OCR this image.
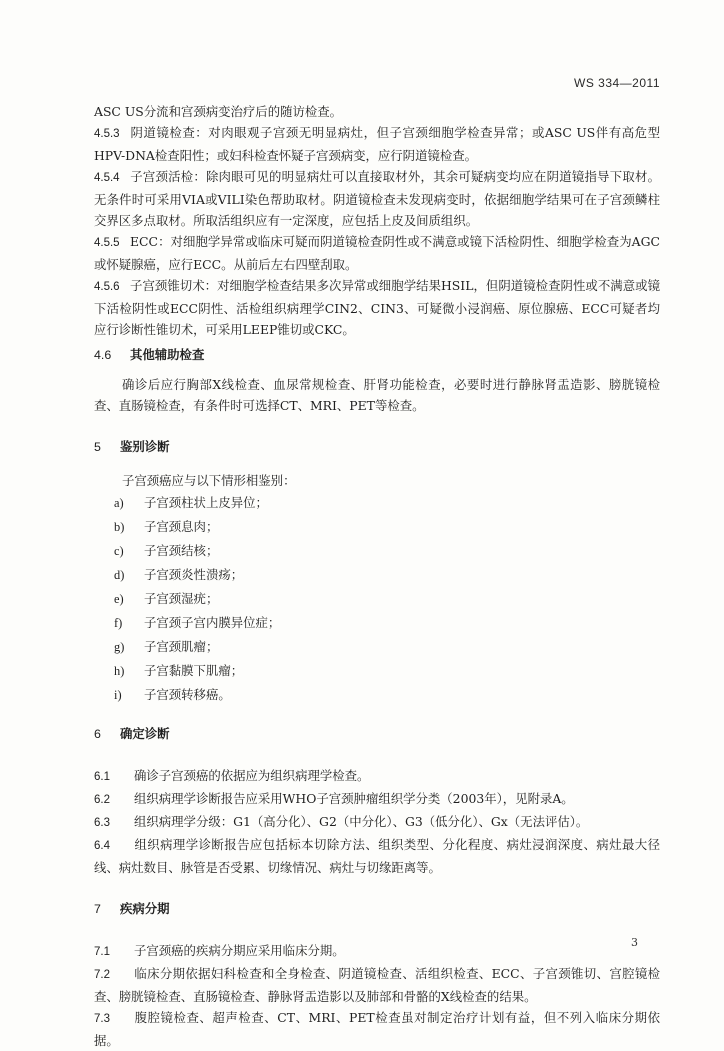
WS 334—2011

ASC US分流和宫颈病变治疗后的随访检查。

4.5.3 阴道镜检查：对肉眼观子宫颈无明显病灶，但子宫颈细胞学检查异常；或ASC US伴有高危型HPV-DNA检查阳性；或妇科检查怀疑子宫颈病变，应行阴道镜检查。

4.5.4 子宫颈活检：除肉眼可见的明显病灶可以直接取材外，其余可疑病变均应在阴道镜指导下取材。无条件时可采用VIA或VILI染色帮助取材。阴道镜检查未发现病变时，依据细胞学结果可在子宫颈鳞柱交界区多点取材。所取活组织应有一定深度，应包括上皮及间质组织。

4.5.5 ECC：对细胞学异常或临床可疑而阴道镜检查阴性或不满意或镜下活检阴性、细胞学检查为AGC或怀疑腺癌，应行ECC。从前后左右四壁刮取。

4.5.6 子宫颈锥切术：对细胞学检查结果多次异常或细胞学结果HSIL，但阴道镜检查阴性或不满意或镜下活检阴性或ECC阴性、活检组织病理学CIN2、CIN3、可疑微小浸润癌、原位腺癌、ECC可疑者均应行诊断性锥切术，可采用LEEP锥切或CKC。

4.6 其他辅助检查

确诊后应行胸部X线检查、血尿常规检查、肝肾功能检查，必要时进行静脉肾盂造影、膀胱镜检查、直肠镜检查，有条件时可选择CT、MRI、PET等检查。

5 鉴别诊断

子宫颈癌应与以下情形相鉴别：

a) 子宫颈柱状上皮异位；
b) 子宫颈息肉；
c) 子宫颈结核；
d) 子宫颈炎性溃疡；
e) 子宫颈湿疣；
f) 子宫颈子宫内膜异位症；
g) 子宫颈肌瘤；
h) 子宫黏膜下肌瘤；
i) 子宫颈转移癌。

6 确定诊断

6.1 确诊子宫颈癌的依据应为组织病理学检查。

6.2 组织病理学诊断报告应采用WHO子宫颈肿瘤组织学分类（2003年），见附录A。

6.3 组织病理学分级：G1（高分化）、G2（中分化）、G3（低分化）、Gx（无法评估）。

6.4 组织病理学诊断报告应包括标本切除方法、组织类型、分化程度、病灶浸润深度、病灶最大径线、病灶数目、脉管是否受累、切缘情况、病灶与切缘距离等。

7 疾病分期

7.1 子宫颈癌的疾病分期应采用临床分期。

7.2 临床分期依据妇科检查和全身检查、阴道镜检查、活组织检查、ECC、子宫颈锥切、宫腔镜检查、膀胱镜检查、直肠镜检查、静脉肾盂造影以及肺部和骨骼的X线检查的结果。

7.3 腹腔镜检查、超声检查、CT、MRI、PET检查虽对制定治疗计划有益，但不列入临床分期依据。

3
